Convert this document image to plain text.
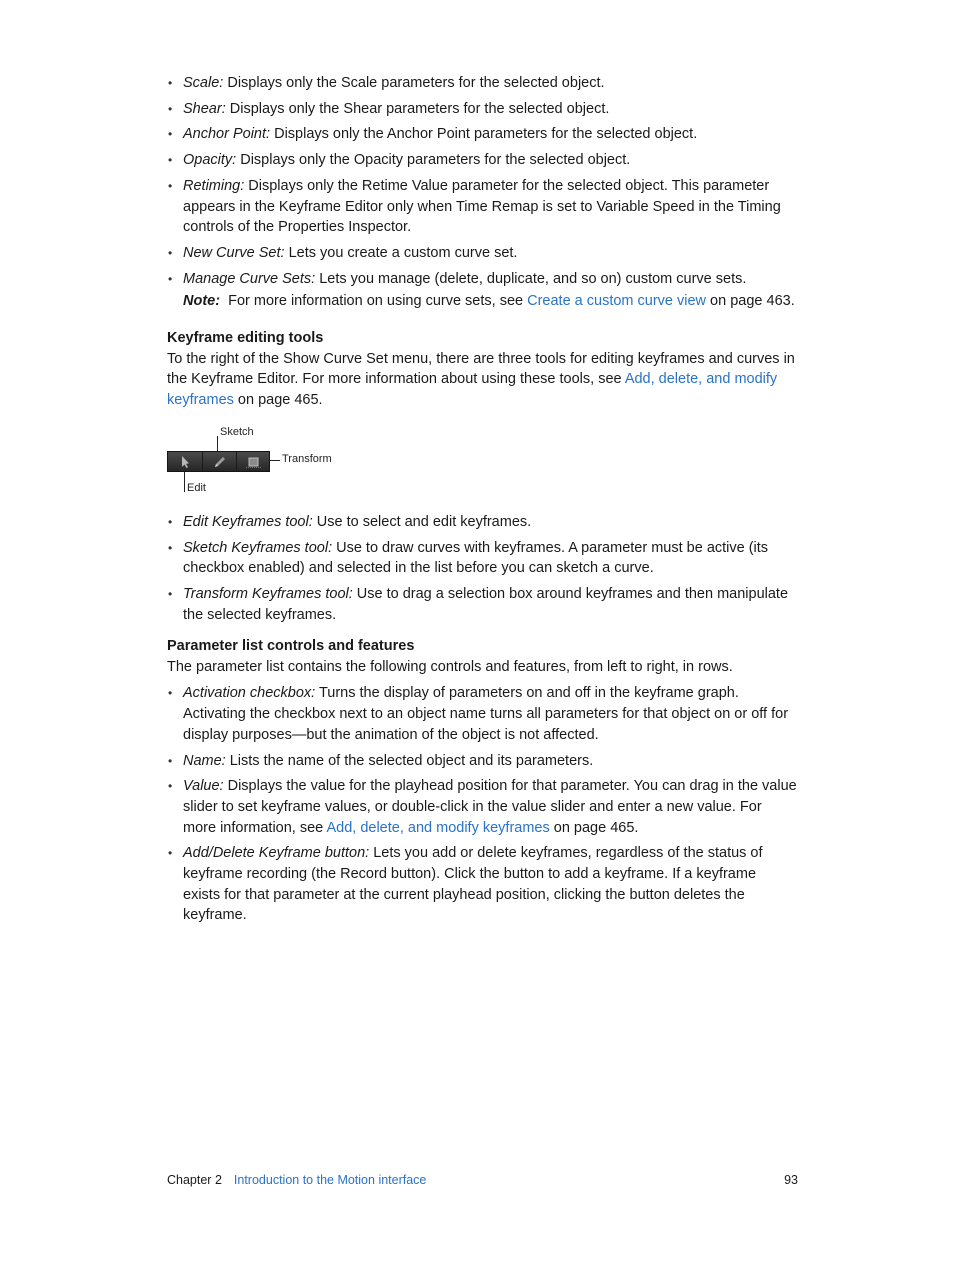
• Scale: Displays only the Scale parameters for the selected object.
• Shear: Displays only the Shear parameters for the selected object.
• Anchor Point: Displays only the Anchor Point parameters for the selected object.
• Opacity: Displays only the Opacity parameters for the selected object.
• Retiming: Displays only the Retime Value parameter for the selected object. This parameter appears in the Keyframe Editor only when Time Remap is set to Variable Speed in the Timing controls of the Properties Inspector.
• New Curve Set: Lets you create a custom curve set.
• Manage Curve Sets: Lets you manage (delete, duplicate, and so on) custom curve sets.
Note:  For more information on using curve sets, see Create a custom curve view on page 463.
Keyframe editing tools

To the right of the Show Curve Set menu, there are three tools for editing keyframes and curves in the Keyframe Editor. For more information about using these tools, see Add, delete, and modify keyframes on page 465.

Sketch
Transform
Edit
• Edit Keyframes tool: Use to select and edit keyframes.
• Sketch Keyframes tool: Use to draw curves with keyframes. A parameter must be active (its checkbox enabled) and selected in the list before you can sketch a curve.
• Transform Keyframes tool: Use to drag a selection box around keyframes and then manipulate the selected keyframes.
Parameter list controls and features

The parameter list contains the following controls and features, from left to right, in rows.

• Activation checkbox: Turns the display of parameters on and off in the keyframe graph. Activating the checkbox next to an object name turns all parameters for that object on or off for display purposes—but the animation of the object is not affected.
• Name: Lists the name of the selected object and its parameters.
• Value: Displays the value for the playhead position for that parameter. You can drag in the value slider to set keyframe values, or double-click in the value slider and enter a new value. For more information, see Add, delete, and modify keyframes on page 465.
• Add/Delete Keyframe button: Lets you add or delete keyframes, regardless of the status of keyframe recording (the Record button). Click the button to add a keyframe. If a keyframe exists for that parameter at the current playhead position, clicking the button deletes the keyframe.
Chapter 2 Introduction to the Motion interface	93
